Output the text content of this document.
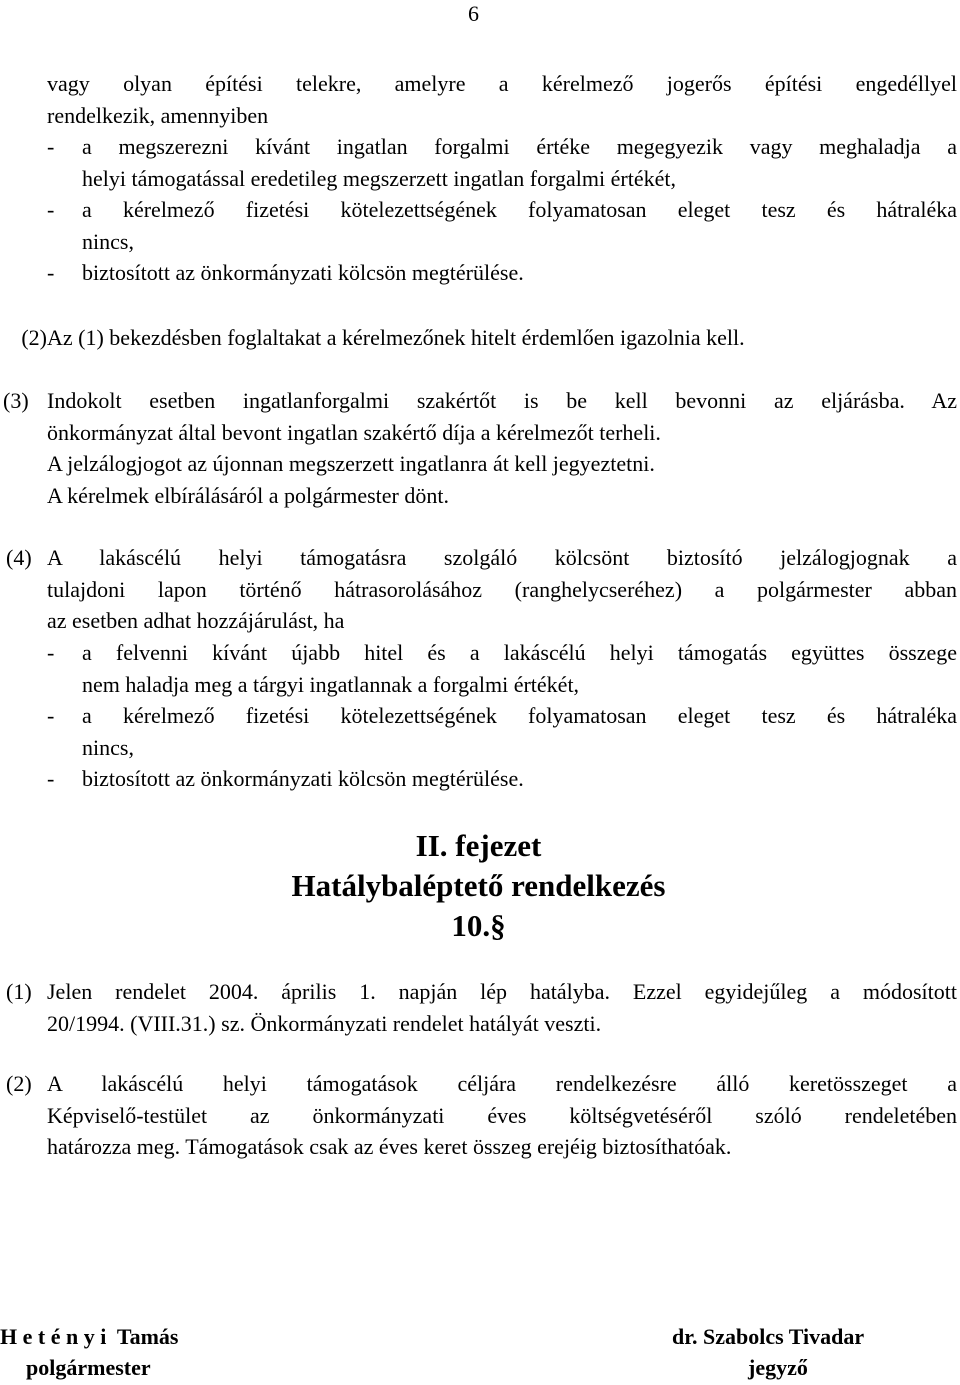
6
vagy olyan építési telekre, amelyre a kérelmező jogerős építési engedéllyel
rendelkezik, amennyiben
-	a megszerezni kívánt ingatlan forgalmi értéke megegyezik vagy meghaladja a
helyi támogatással eredetileg megszerzett ingatlan forgalmi értékét,
-	a kérelmező fizetési kötelezettségének folyamatosan eleget tesz és hátraléka
nincs,
-	biztosított az önkormányzati kölcsön megtérülése.
(2) Az (1) bekezdésben foglaltakat a kérelmezőnek hitelt érdemlően igazolnia kell.
(3) Indokolt esetben ingatlanforgalmi szakértőt is be kell bevonni az eljárásba. Az
önkormányzat által bevont ingatlan szakértő díja a kérelmezőt terheli.
A jelzálogjogot az újonnan megszerzett ingatlanra át kell jegyeztetni.
A kérelmek elbírálásáról a polgármester dönt.
(4) A lakáscélú helyi támogatásra szolgáló kölcsönt biztosító jelzálogjognak a
tulajdoni lapon történő hátrasorolásához (ranghelycseréhez) a polgármester abban
az esetben adhat hozzájárulást, ha
-	a felvenni kívánt újabb hitel és a lakáscélú helyi támogatás együttes összege
nem haladja meg a tárgyi ingatlannak a forgalmi értékét,
-	a kérelmező fizetési kötelezettségének folyamatosan eleget tesz és hátraléka
nincs,
-	biztosított az önkormányzati kölcsön megtérülése.
II. fejezet
Hatálybaléptető rendelkezés
10.§
(1) Jelen rendelet 2004. április 1. napján lép hatályba. Ezzel egyidejűleg a módosított
20/1994. (VIII.31.) sz. Önkormányzati rendelet hatályát veszti.
(2) A lakáscélú helyi támogatások céljára rendelkezésre álló keretösszeget a
Képviselő-testület az önkormányzati éves költségvetéséről szóló rendeletében
határozza meg. Támogatások csak az éves keret összeg erejéig biztosíthatóak.
H e t é n y i  Tamás
polgármester
dr. Szabolcs Tivadar
jegyző
